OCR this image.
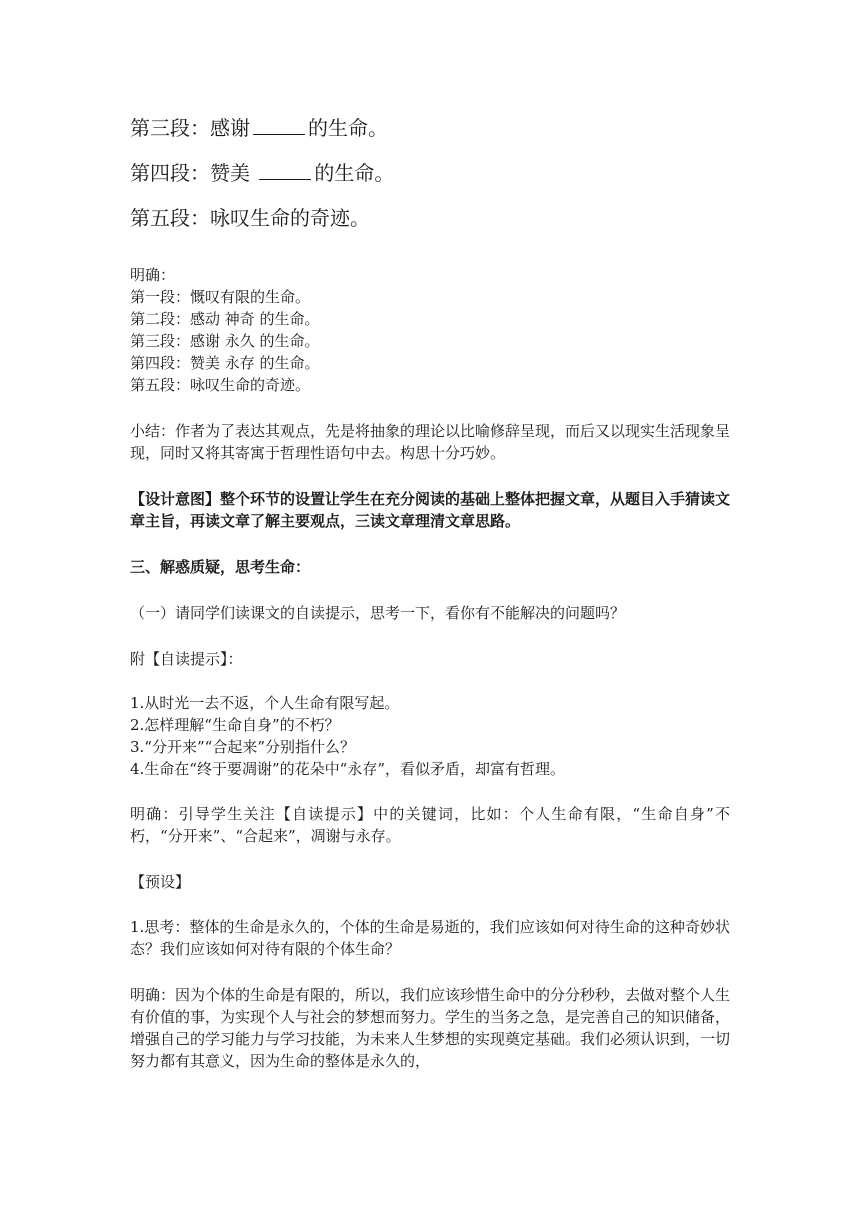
第三段：感谢	的生命。
第四段：赞美	的生命。
第五段：咏叹生命的奇迹。
明确：
第一段：慨叹有限的生命。
第二段：感动 神奇 的生命。
第三段：感谢 永久 的生命。
第四段：赞美 永存 的生命。
第五段：咏叹生命的奇迹。
小结：作者为了表达其观点，先是将抽象的理论以比喻修辞呈现，而后又以现实生活现象呈现，同时又将其寄寓于哲理性语句中去。构思十分巧妙。
【设计意图】整个环节的设置让学生在充分阅读的基础上整体把握文章，从题目入手猜读文章主旨，再读文章了解主要观点，三读文章理清文章思路。
三、解惑质疑，思考生命：
（一）请同学们读课文的自读提示，思考一下，看你有不能解决的问题吗？
附【自读提示】：
1.从时光一去不返，个人生命有限写起。
2.怎样理解“生命自身”的不朽？
3.“分开来”“合起来”分别指什么？
4.生命在“终于要凋谢”的花朵中“永存”，看似矛盾，却富有哲理。
明确：引导学生关注【自读提示】中的关键词，比如：个人生命有限，“生命自身”不朽，“分开来”、“合起来”，凋谢与永存。
【预设】
1.思考：整体的生命是永久的，个体的生命是易逝的，我们应该如何对待生命的这种奇妙状态？我们应该如何对待有限的个体生命？
明确：因为个体的生命是有限的，所以，我们应该珍惜生命中的分分秒秒，去做对整个人生有价值的事，为实现个人与社会的梦想而努力。学生的当务之急，是完善自己的知识储备，增强自己的学习能力与学习技能，为未来人生梦想的实现奠定基础。我们必须认识到，一切努力都有其意义，因为生命的整体是永久的，
